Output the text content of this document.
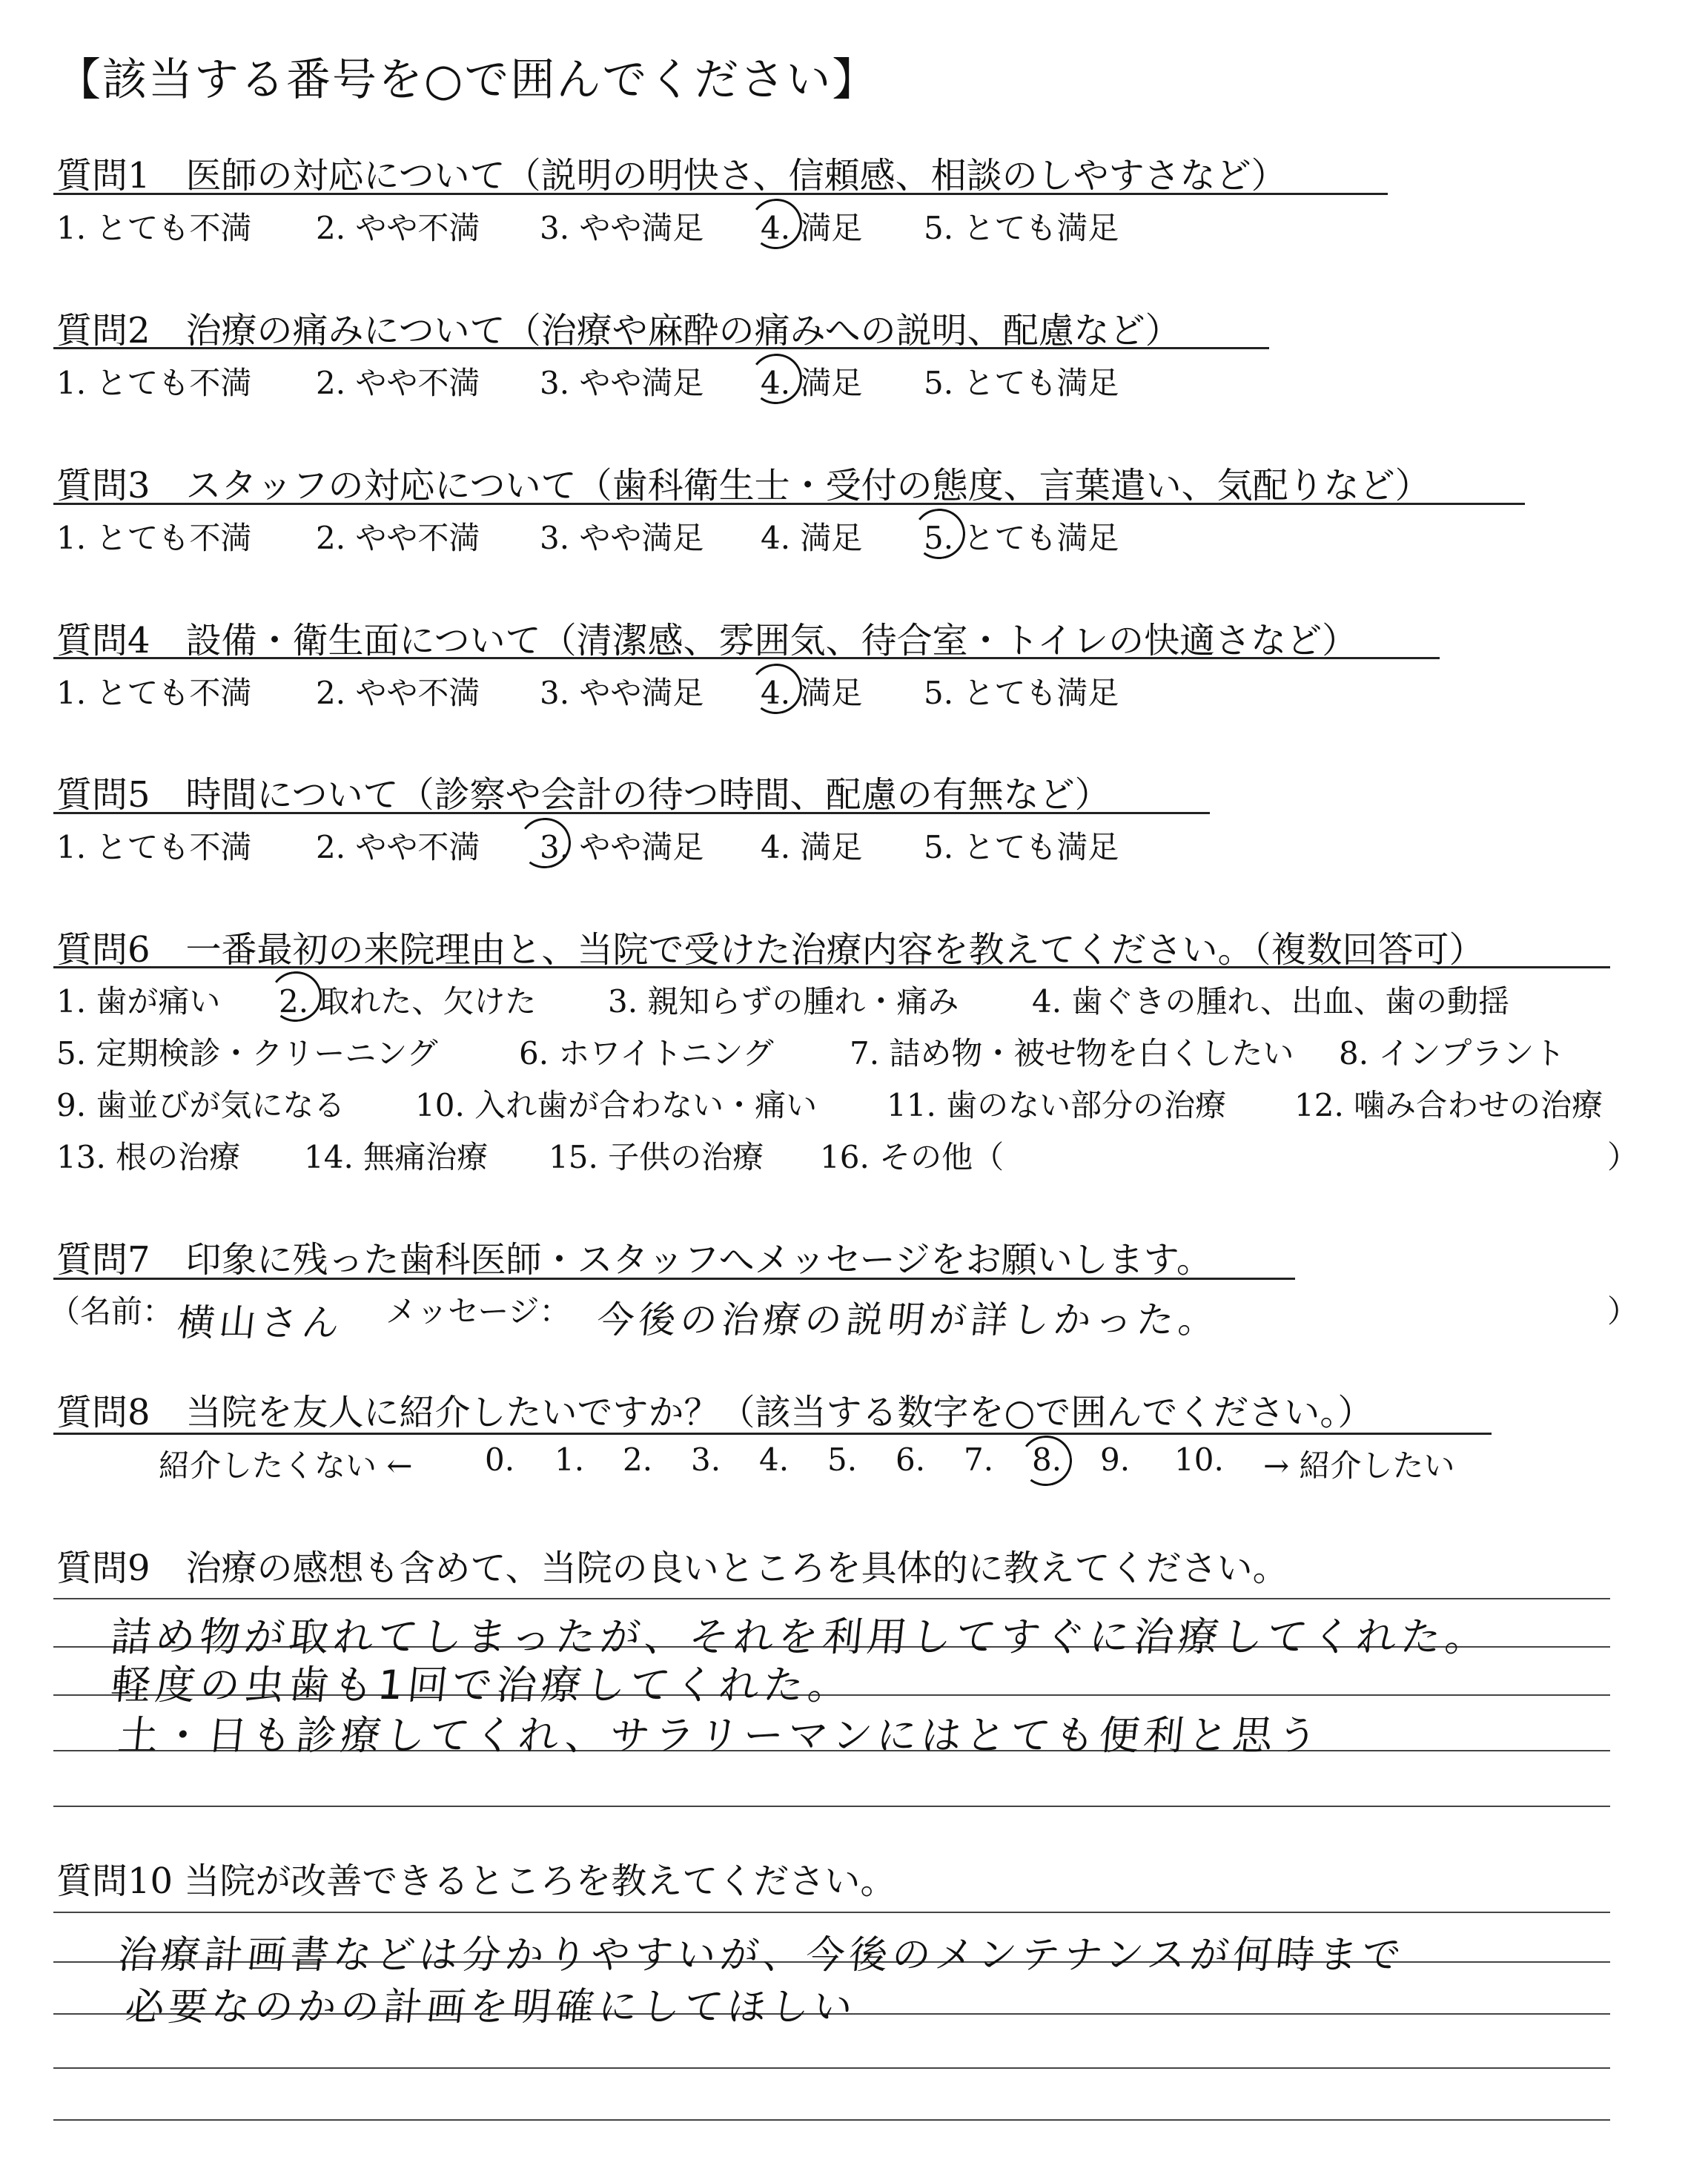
【該当する番号を○で囲んでください】
質問1　医師の対応について（説明の明快さ、信頼感、相談のしやすさなど）
1. とても不満 2. やや不満 3. やや満足 4. 満足 5. とても満足
質問2　治療の痛みについて（治療や麻酔の痛みへの説明、配慮など）
1. とても不満 2. やや不満 3. やや満足 4. 満足 5. とても満足
質問3　スタッフの対応について（歯科衛生士・受付の態度、言葉遣い、気配りなど）
1. とても不満 2. やや不満 3. やや満足 4. 満足 5. とても満足
質問4　設備・衛生面について（清潔感、雰囲気、待合室・トイレの快適さなど）
1. とても不満 2. やや不満 3. やや満足 4. 満足 5. とても満足
質問5　時間について（診察や会計の待つ時間、配慮の有無など）
1. とても不満 2. やや不満 3. やや満足 4. 満足 5. とても満足
質問6　一番最初の来院理由と、当院で受けた治療内容を教えてください。（複数回答可）
1. 歯が痛い 2. 取れた、欠けた 3. 親知らずの腫れ・痛み 4. 歯ぐきの腫れ、出血、歯の動揺
5. 定期検診・クリーニング	6. ホワイトニング 7. 詰め物・被せ物を白くしたい 8. インプラント
9. 歯並びが気になる 10. 入れ歯が合わない・痛い 11. 歯のない部分の治療 12. 噛み合わせの治療
13. 根の治療 14. 無痛治療 15. 子供の治療 16. その他（	）
質問7　印象に残った歯科医師・スタッフへメッセージをお願いします。
（名前： 横山さん メッセージ： 今後の治療の説明が詳しかった。	）
質問8　当院を友人に紹介したいですか？（該当する数字を○で囲んでください。）
紹介したくない ← 0. 1. 2. 3. 4. 5. 6. 7. 8. 9. 10. → 紹介したい
質問9　治療の感想も含めて、当院の良いところを具体的に教えてください。
詰め物が取れてしまったが、それを利用してすぐに治療してくれた。
軽度の虫歯も1回で治療してくれた。
土・日も診療してくれ、サラリーマンにはとても便利と思う
質問10 当院が改善できるところを教えてください。
治療計画書などは分かりやすいが、今後のメンテナンスが何時まで
必要なのかの計画を明確にしてほしい
